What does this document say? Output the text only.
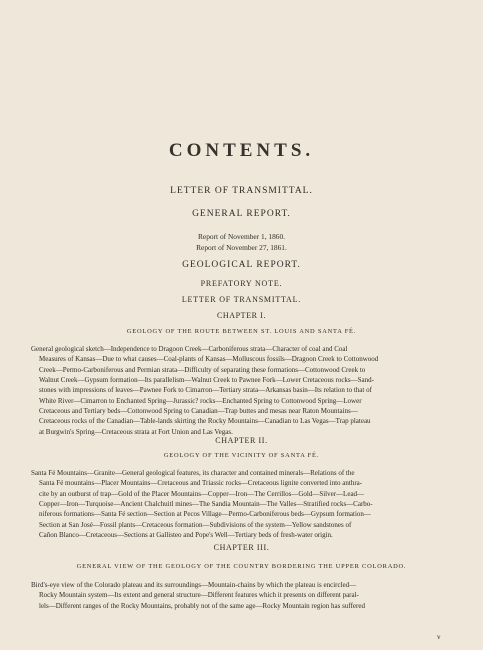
CONTENTS.
LETTER OF TRANSMITTAL.
GENERAL REPORT.
Report of November 1, 1860.
Report of November 27, 1861.
GEOLOGICAL REPORT.
PREFATORY NOTE.
LETTER OF TRANSMITTAL.
CHAPTER I.
GEOLOGY OF THE ROUTE BETWEEN ST. LOUIS AND SANTA FÉ.
General geological sketch—Independence to Dragoon Creek—Carboniferous strata—Character of coal and Coal
Measures of Kansas—Due to what causes—Coal-plants of Kansas—Molluscous fossils—Dragoon Creek to Cottonwood
Creek—Permo-Carboniferous and Permian strata—Difficulty of separating these formations—Cottonwood Creek to
Walnut Creek—Gypsum formation—Its parallelism—Walnut Creek to Pawnee Fork—Lower Cretaceous rocks—Sand-
stones with impressions of leaves—Pawnee Fork to Cimarron—Tertiary strata—Arkansas basin—Its relation to that of
White River—Cimarron to Enchanted Spring—Jurassic? rocks—Enchanted Spring to Cottonwood Spring—Lower
Cretaceous and Tertiary beds—Cottonwood Spring to Canadian—Trap buttes and mesas near Raton Mountains—
Cretaceous rocks of the Canadian—Table-lands skirting the Rocky Mountains—Canadian to Las Vegas—Trap plateau
at Burgwin's Spring—Cretaceous strata at Fort Union and Las Vegas.
CHAPTER II.
GEOLOGY OF THE VICINITY OF SANTA FÉ.
Santa Fé Mountains—Granite—General geological features, its character and contained minerals—Relations of the
Santa Fé mountains—Placer Mountains—Cretaceous and Triassic rocks—Cretaceous lignite converted into anthra-
cite by an outburst of trap—Gold of the Placer Mountains—Copper—Iron—The Cerrillos—Gold—Silver—Lead—
Copper—Iron—Turquoise—Ancient Chalchuitl mines—The Sandia Mountain—The Valles—Stratified rocks—Carbo-
niferous formations—Santa Fé section—Section at Pecos Village—Permo-Carboniferous beds—Gypsum formation—
Section at San José—Fossil plants—Cretaceous formation—Subdivisions of the system—Yellow sandstones of
Cañon Blanco—Cretaceous—Sections at Gallisteo and Pope's Well—Tertiary beds of fresh-water origin.
CHAPTER III.
GENERAL VIEW OF THE GEOLOGY OF THE COUNTRY BORDERING THE UPPER COLORADO.
Bird's-eye view of the Colorado plateau and its surroundings—Mountain-chains by which the plateau is encircled—
Rocky Mountain system—Its extent and general structure—Different features which it presents on different paral-
lels—Different ranges of the Rocky Mountains, probably not of the same age—Rocky Mountain region has suffered
v
